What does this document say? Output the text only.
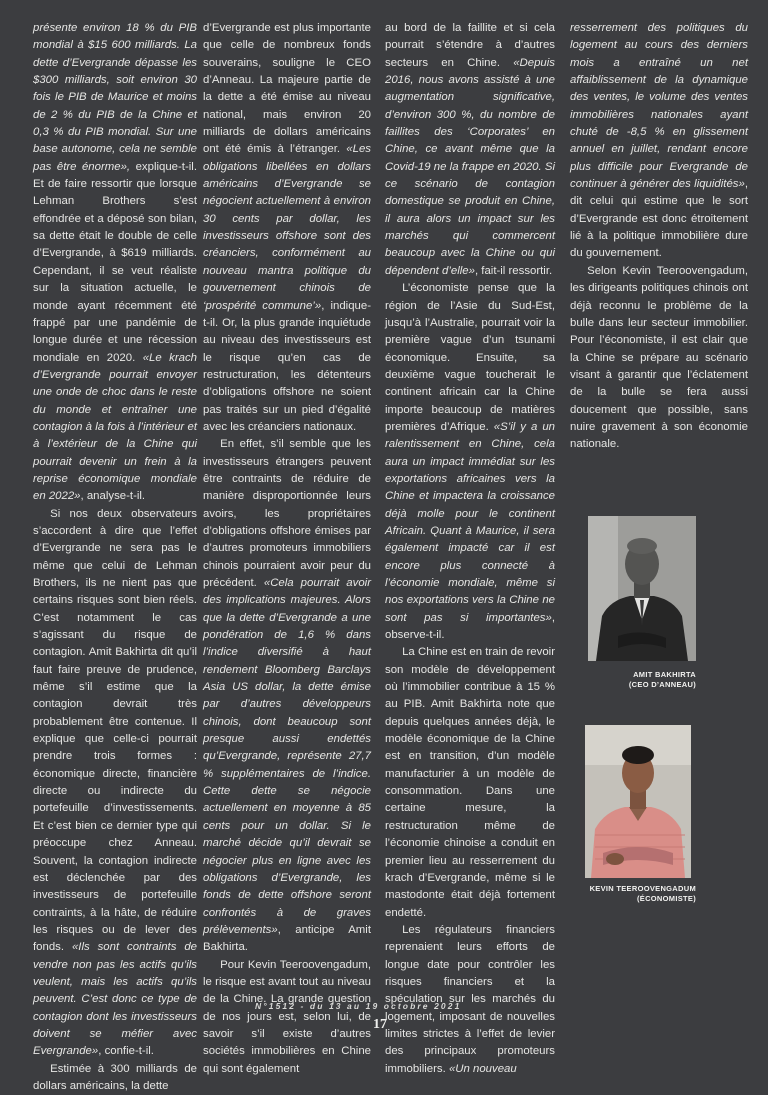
présente environ 18 % du PIB mondial à $15 600 milliards. La dette d’Evergrande dépasse les $300 milliards, soit environ 30 fois le PIB de Maurice et moins de 2 % du PIB de la Chine et 0,3 % du PIB mondial. Sur une base autonome, cela ne semble pas être énorme», explique-t-il. Et de faire ressortir que lorsque Lehman Brothers s’est effondrée et a déposé son bilan, sa dette était le double de celle d’Evergrande, à $619 milliards. Cependant, il se veut réaliste sur la situation actuelle, le monde ayant récemment été frappé par une pandémie de longue durée et une récession mondiale en 2020. «Le krach d’Evergrande pourrait envoyer une onde de choc dans le reste du monde et entraîner une contagion à la fois à l’intérieur et à l’extérieur de la Chine qui pourrait devenir un frein à la reprise économique mondiale en 2022», analyse-t-il.

Si nos deux observateurs s’accordent à dire que l’effet d’Evergrande ne sera pas le même que celui de Lehman Brothers, ils ne nient pas que certains risques sont bien réels. C’est notamment le cas s’agissant du risque de contagion. Amit Bakhirta dit qu’il faut faire preuve de prudence, même s’il estime que la contagion devrait très probablement être contenue. Il explique que celle-ci pourrait prendre trois formes : économique directe, financière directe ou indirecte du portefeuille d’investissements. Et c’est bien ce dernier type qui préoccupe chez Anneau. Souvent, la contagion indirecte est déclenchée par des investisseurs de portefeuille contraints, à la hâte, de réduire les risques ou de lever des fonds. «Ils sont contraints de vendre non pas les actifs qu’ils veulent, mais les actifs qu’ils peuvent. C’est donc ce type de contagion dont les investisseurs doivent se méfier avec Evergrande», confie-t-il.

Estimée à 300 milliards de dollars américains, la dette

d’Evergrande est plus importante que celle de nombreux fonds souverains, souligne le CEO d’Anneau. La majeure partie de la dette a été émise au niveau national, mais environ 20 milliards de dollars américains ont été émis à l’étranger. «Les obligations libellées en dollars américains d’Evergrande se négocient actuellement à environ 30 cents par dollar, les investisseurs offshore sont des créanciers, conformément au nouveau mantra politique du gouvernement chinois de ‘prospérité commune’», indique-t-il. Or, la plus grande inquiétude au niveau des investisseurs est le risque qu’en cas de restructuration, les détenteurs d’obligations offshore ne soient pas traités sur un pied d’égalité avec les créanciers nationaux.

En effet, s’il semble que les investisseurs étrangers peuvent être contraints de réduire de manière disproportionnée leurs avoirs, les propriétaires d’obligations offshore émises par d’autres promoteurs immobiliers chinois pourraient avoir peur du précédent. «Cela pourrait avoir des implications majeures. Alors que la dette d’Evergrande a une pondération de 1,6 % dans l’indice diversifié à haut rendement Bloomberg Barclays Asia US dollar, la dette émise par d’autres développeurs chinois, dont beaucoup sont presque aussi endettés qu’Evergrande, représente 27,7 % supplémentaires de l’indice. Cette dette se négocie actuellement en moyenne à 85 cents pour un dollar. Si le marché décide qu’il devrait se négocier plus en ligne avec les obligations d’Evergrande, les fonds de dette offshore seront confrontés à de graves prélèvements», anticipe Amit Bakhirta.

Pour Kevin Teeroovengadum, le risque est avant tout au niveau de la Chine. La grande question de nos jours est, selon lui, de savoir s’il existe d’autres sociétés immobilières en Chine qui sont également

au bord de la faillite et si cela pourrait s’étendre à d’autres secteurs en Chine. «Depuis 2016, nous avons assisté à une augmentation significative, d’environ 300 %, du nombre de faillites des ‘Corporates’ en Chine, ce avant même que la Covid-19 ne la frappe en 2020. Si ce scénario de contagion domestique se produit en Chine, il aura alors un impact sur les marchés qui commercent beaucoup avec la Chine ou qui dépendent d’elle», fait-il ressortir.

L’économiste pense que la région de l’Asie du Sud-Est, jusqu’à l’Australie, pourrait voir la première vague d’un tsunami économique. Ensuite, sa deuxième vague toucherait le continent africain car la Chine importe beaucoup de matières premières d’Afrique. «S’il y a un ralentissement en Chine, cela aura un impact immédiat sur les exportations africaines vers la Chine et impactera la croissance déjà molle pour le continent Africain. Quant à Maurice, il sera également impacté car il est encore plus connecté à l’économie mondiale, même si nos exportations vers la Chine ne sont pas si importantes», observe-t-il.

La Chine est en train de revoir son modèle de développement où l’immobilier contribue à 15 % au PIB. Amit Bakhirta note que depuis quelques années déjà, le modèle économique de la Chine est en transition, d’un modèle manufacturier à un modèle de consommation. Dans une certaine mesure, la restructuration même de l’économie chinoise a conduit en premier lieu au resserrement du krach d’Evergrande, même si le mastodonte était déjà fortement endetté.

Les régulateurs financiers reprenaient leurs efforts de longue date pour contrôler les risques financiers et la spéculation sur les marchés du logement, imposant de nouvelles limites strictes à l’effet de levier des principaux promoteurs immobiliers. «Un nouveau

resserrement des politiques du logement au cours des derniers mois a entraîné un net affaiblissement de la dynamique des ventes, le volume des ventes immobilières nationales ayant chuté de -8,5 % en glissement annuel en juillet, rendant encore plus difficile pour Evergrande de continuer à générer des liquidités», dit celui qui estime que le sort d’Evergrande est donc étroitement lié à la politique immobilière dure du gouvernement.

Selon Kevin Teeroovengadum, les dirigeants politiques chinois ont déjà reconnu le problème de la bulle dans leur secteur immobilier. Pour l’économiste, il est clair que la Chine se prépare au scénario visant à garantir que l’éclatement de la bulle se fera aussi doucement que possible, sans nuire gravement à son économie nationale.

AMIT BAKHIRTA
(CEO D’ANNEAU)
KEVIN TEEROOVENGADUM
(ÉCONOMISTE)
N°1512 - du 13 au 19 octobre 2021
17
